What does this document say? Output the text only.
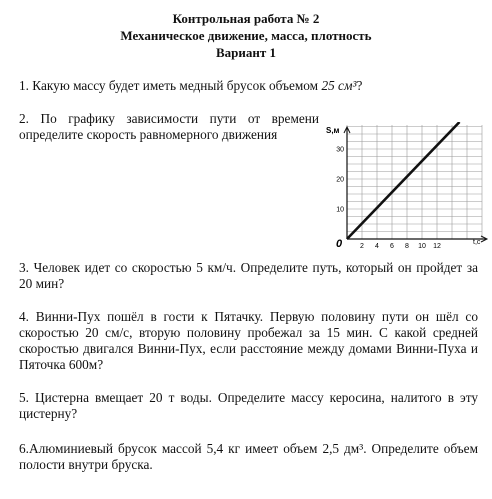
Контрольная работа № 2
Механическое движение, масса, плотность
Вариант 1
1. Какую массу будет иметь медный брусок объемом 25 см³?
2. По графику зависимости пути от времени определите скорость равномерного движения
2 4 6 8 10 12
10
20
30
S,м
t,c
0
3. Человек идет со скоростью 5 км/ч. Определите путь, который он пройдет за 20 мин?
4. Винни-Пух пошёл в гости к Пятачку. Первую половину пути он шёл со скоростью 20 см/с, вторую половину пробежал за 15 мин. С какой средней скоростью двигался Винни-Пух, если расстояние между домами Винни-Пуха и Пяточка 600м?
5. Цистерна вмещает 20 т воды. Определите массу керосина, налитого в эту цистерну?
6.Алюминиевый брусок массой 5,4 кг имеет объем 2,5 дм³. Определите объем полости внутри бруска.
